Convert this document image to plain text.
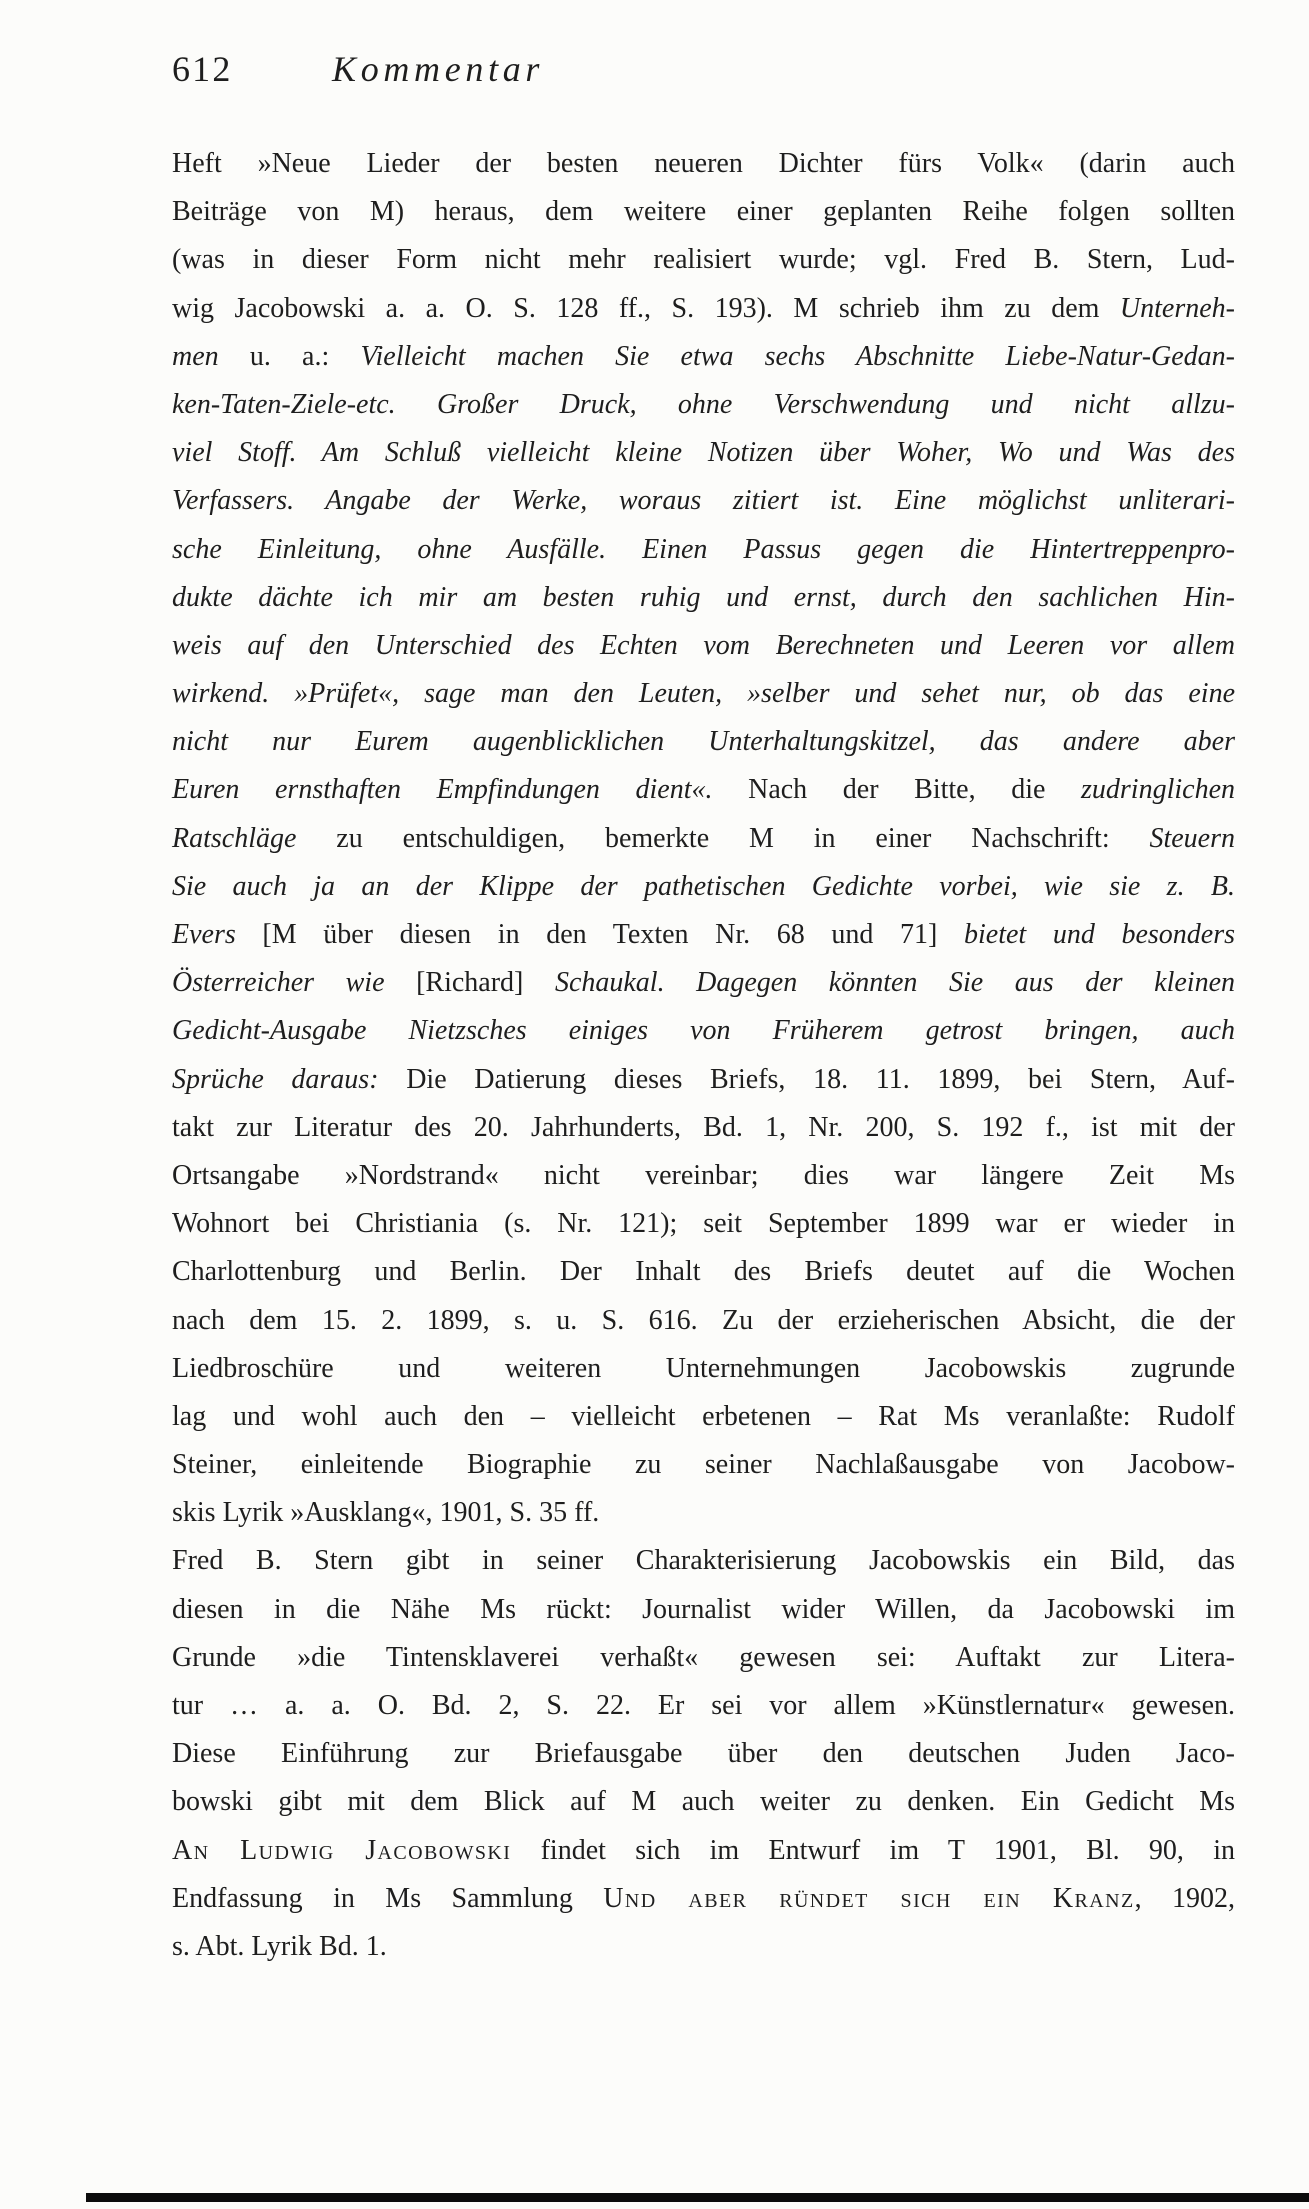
612	Kommentar
Heft »Neue Lieder der besten neueren Dichter fürs Volk« (darin auch
Beiträge von M) heraus, dem weitere einer geplanten Reihe folgen sollten
(was in dieser Form nicht mehr realisiert wurde; vgl. Fred B. Stern, Lud-
wig Jacobowski a. a. O. S. 128 ff., S. 193). M schrieb ihm zu dem Unterneh-
men u. a.: Vielleicht machen Sie etwa sechs Abschnitte Liebe-Natur-Gedan-
ken-Taten-Ziele-etc. Großer Druck, ohne Verschwendung und nicht allzu-
viel Stoff. Am Schluß vielleicht kleine Notizen über Woher, Wo und Was des
Verfassers. Angabe der Werke, woraus zitiert ist. Eine möglichst unliterari-
sche Einleitung, ohne Ausfälle. Einen Passus gegen die Hintertreppenpro-
dukte dächte ich mir am besten ruhig und ernst, durch den sachlichen Hin-
weis auf den Unterschied des Echten vom Berechneten und Leeren vor allem
wirkend. »Prüfet«, sage man den Leuten, »selber und sehet nur, ob das eine
nicht nur Eurem augenblicklichen Unterhaltungskitzel, das andere aber
Euren ernsthaften Empfindungen dient«. Nach der Bitte, die zudringlichen
Ratschläge zu entschuldigen, bemerkte M in einer Nachschrift: Steuern
Sie auch ja an der Klippe der pathetischen Gedichte vorbei, wie sie z. B.
Evers [M über diesen in den Texten Nr. 68 und 71] bietet und besonders
Österreicher wie [Richard] Schaukal. Dagegen könnten Sie aus der kleinen
Gedicht-Ausgabe Nietzsches einiges von Früherem getrost bringen, auch
Sprüche daraus: Die Datierung dieses Briefs, 18. 11. 1899, bei Stern, Auf-
takt zur Literatur des 20. Jahrhunderts, Bd. 1, Nr. 200, S. 192 f., ist mit der
Ortsangabe »Nordstrand« nicht vereinbar; dies war längere Zeit Ms
Wohnort bei Christiania (s. Nr. 121); seit September 1899 war er wieder in
Charlottenburg und Berlin. Der Inhalt des Briefs deutet auf die Wochen
nach dem 15. 2. 1899, s. u. S. 616. Zu der erzieherischen Absicht, die der
Liedbroschüre und weiteren Unternehmungen Jacobowskis zugrunde
lag und wohl auch den – vielleicht erbetenen – Rat Ms veranlaßte: Rudolf
Steiner, einleitende Biographie zu seiner Nachlaßausgabe von Jacobow-
skis Lyrik »Ausklang«, 1901, S. 35 ff.
Fred B. Stern gibt in seiner Charakterisierung Jacobowskis ein Bild, das
diesen in die Nähe Ms rückt: Journalist wider Willen, da Jacobowski im
Grunde »die Tintensklaverei verhaßt« gewesen sei: Auftakt zur Litera-
tur … a. a. O. Bd. 2, S. 22. Er sei vor allem »Künstlernatur« gewesen.
Diese Einführung zur Briefausgabe über den deutschen Juden Jaco-
bowski gibt mit dem Blick auf M auch weiter zu denken. Ein Gedicht Ms
An Ludwig Jacobowski findet sich im Entwurf im T 1901, Bl. 90, in
Endfassung in Ms Sammlung Und aber ründet sich ein Kranz, 1902,
s. Abt. Lyrik Bd. 1.
